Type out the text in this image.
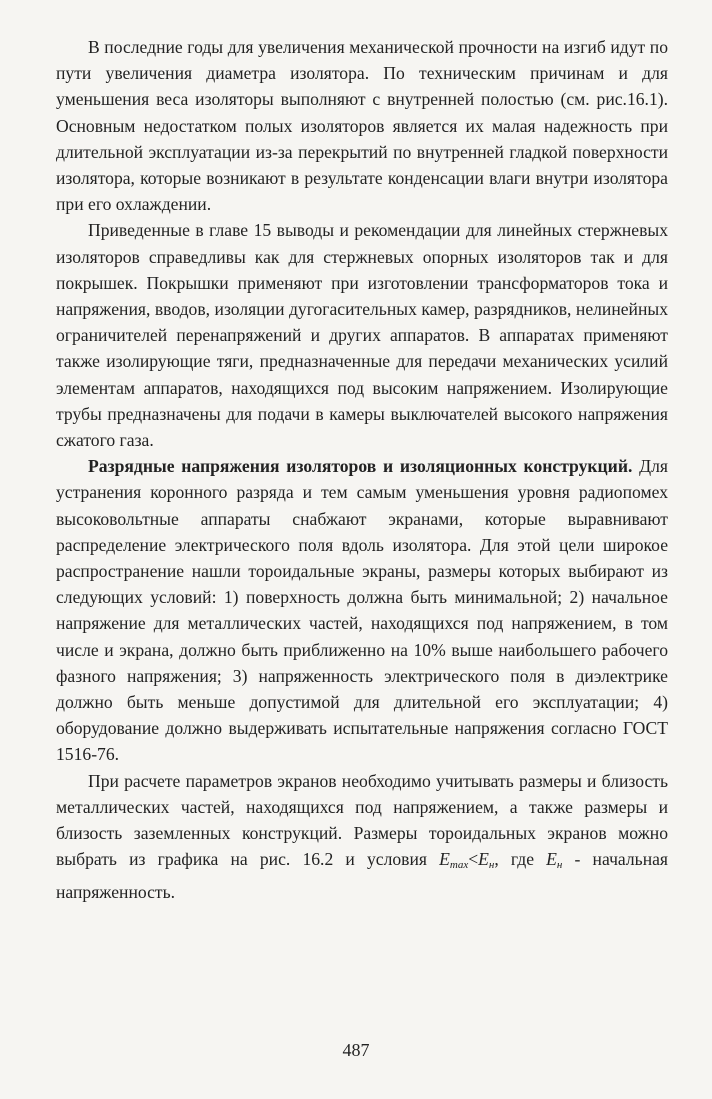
В последние годы для увеличения механической прочности на изгиб идут по пути увеличения диаметра изолятора. По техническим причинам и для уменьшения веса изоляторы выполняют с внутренней полостью (см. рис.16.1). Основным недостатком полых изоляторов является их малая надежность при длительной эксплуатации из-за перекрытий по внутренней гладкой поверхности изолятора, которые возникают в результате конденсации влаги внутри изолятора при его охлаждении.

Приведенные в главе 15 выводы и рекомендации для линейных стержневых изоляторов справедливы как для стержневых опорных изоляторов так и для покрышек. Покрышки применяют при изготовлении трансформаторов тока и напряжения, вводов, изоляции дугогасительных камер, разрядников, нелинейных ограничителей перенапряжений и других аппаратов. В аппаратах применяют также изолирующие тяги, предназначенные для передачи механических усилий элементам аппаратов, находящихся под высоким напряжением. Изолирующие трубы предназначены для подачи в камеры выключателей высокого напряжения сжатого газа.

Разрядные напряжения изоляторов и изоляционных конструкций. Для устранения коронного разряда и тем самым уменьшения уровня радиопомех высоковольтные аппараты снабжают экранами, которые выравнивают распределение электрического поля вдоль изолятора. Для этой цели широкое распространение нашли тороидальные экраны, размеры которых выбирают из следующих условий: 1) поверхность должна быть минимальной; 2) начальное напряжение для металлических частей, находящихся под напряжением, в том числе и экрана, должно быть приближенно на 10% выше наибольшего рабочего фазного напряжения; 3) напряженность электрического поля в диэлектрике должно быть меньше допустимой для длительной его эксплуатации; 4) оборудование должно выдерживать испытательные напряжения согласно ГОСТ 1516-76.

При расчете параметров экранов необходимо учитывать размеры и близость металлических частей, находящихся под напряжением, а также размеры и близость заземленных конструкций. Размеры тороидальных экранов можно выбрать из графика на рис. 16.2 и условия $E_{max}<E_н$, где $E_н$ - начальная напряженность.

487
